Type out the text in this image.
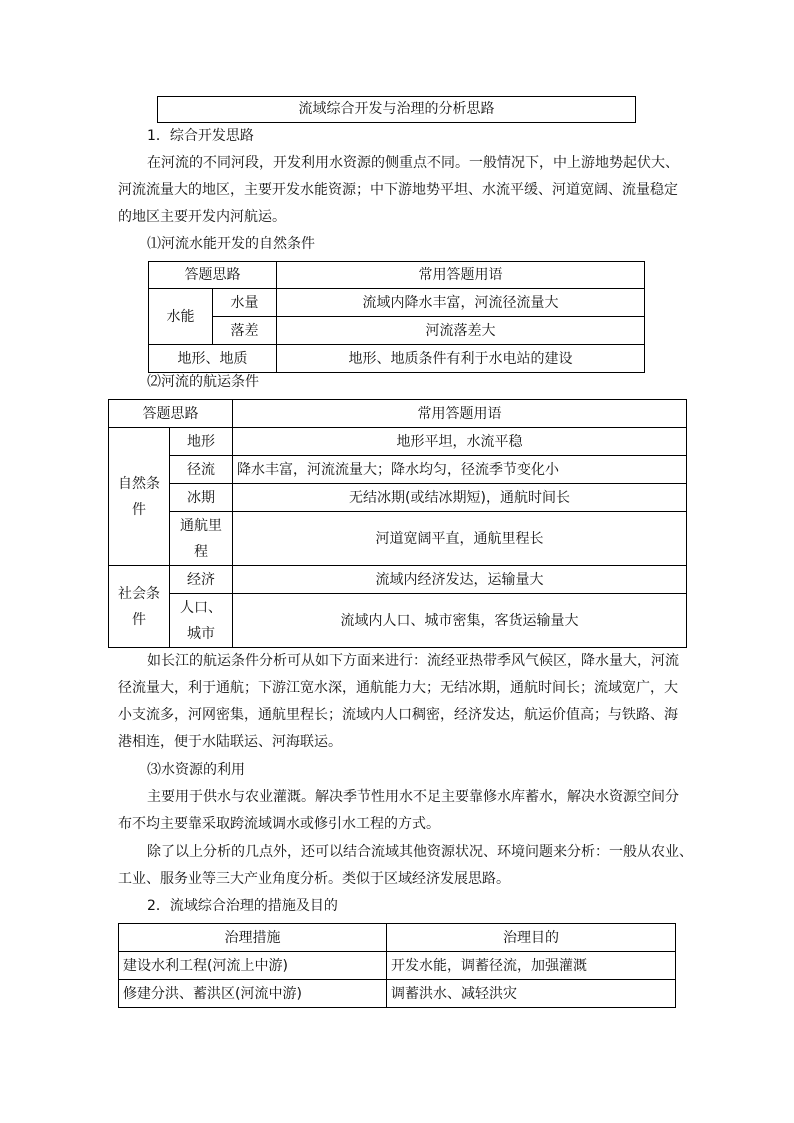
流域综合开发与治理的分析思路
1．综合开发思路
在河流的不同河段，开发利用水资源的侧重点不同。一般情况下，中上游地势起伏大、
河流流量大的地区，主要开发水能资源；中下游地势平坦、水流平缓、河道宽阔、流量稳定
的地区主要开发内河航运。
⑴河流水能开发的自然条件
答题思路		常用答题用语
水能	水量	流域内降水丰富，河流径流量大
	落差	河流落差大
地形、地质		地形、地质条件有利于水电站的建设
⑵河流的航运条件
答题思路		常用答题用语
自然条件	地形	地形平坦，水流平稳
	径流	降水丰富，河流流量大；降水均匀，径流季节变化小
	冰期	无结冰期(或结冰期短)，通航时间长
	通航里程	河道宽阔平直，通航里程长
社会条件	经济	流域内经济发达，运输量大
	人口、城市	流域内人口、城市密集，客货运输量大
如长江的航运条件分析可从如下方面来进行：流经亚热带季风气候区，降水量大，河流
径流量大，利于通航；下游江宽水深，通航能力大；无结冰期，通航时间长；流域宽广，大
小支流多，河网密集，通航里程长；流域内人口稠密，经济发达，航运价值高；与铁路、海
港相连，便于水陆联运、河海联运。
⑶水资源的利用
主要用于供水与农业灌溉。解决季节性用水不足主要靠修水库蓄水，解决水资源空间分
布不均主要靠采取跨流域调水或修引水工程的方式。
除了以上分析的几点外，还可以结合流域其他资源状况、环境问题来分析：一般从农业、
工业、服务业等三大产业角度分析。类似于区域经济发展思路。
2．流域综合治理的措施及目的
治理措施	治理目的
建设水利工程(河流上中游)	开发水能，调蓄径流，加强灌溉
修建分洪、蓄洪区(河流中游)	调蓄洪水、减轻洪灾
